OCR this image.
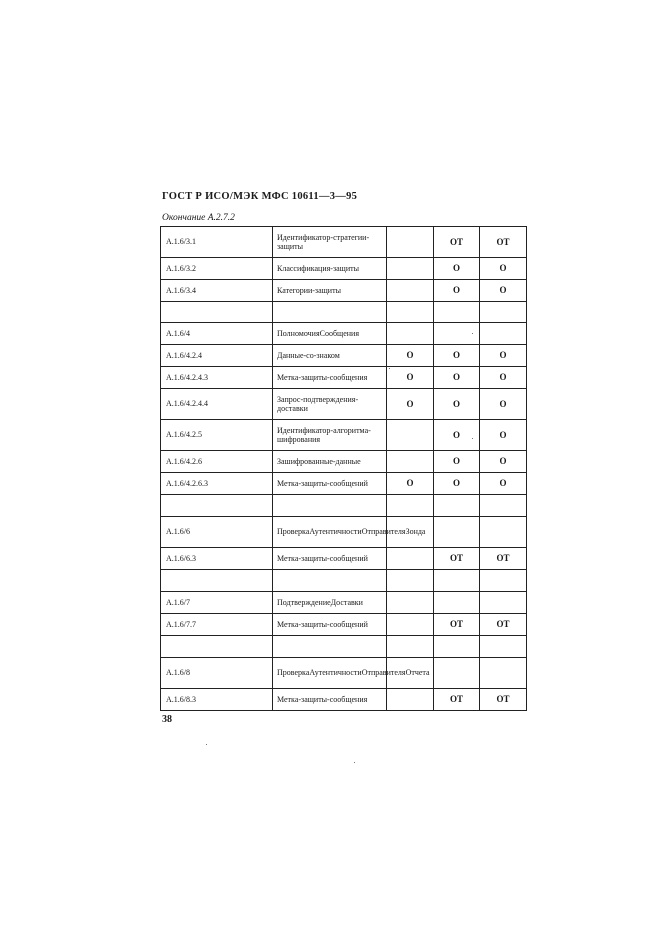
ГОСТ Р ИСО/МЭК МФС 10611—3—95
Окончание А.2.7.2
A.1.6/3.1	Идентификатор-стратегии-защиты		ОТ	ОТ
A.1.6/3.2	Классификация-защиты		О	О
A.1.6/3.4	Категории-защиты		О	О

A.1.6/4	ПолномочияСообщения			
A.1.6/4.2.4	Данные-со-знаком	О	О	О
A.1.6/4.2.4.3	Метка-защиты-сообщения	О	О	О
A.1.6/4.2.4.4	Запрос-подтверждения-доставки	О	О	О
A.1.6/4.2.5	Идентификатор-алгоритма-шифрования		О	О
A.1.6/4.2.6	Зашифрованные-данные		О	О
A.1.6/4.2.6.3	Метка-защиты-сообщений	О	О	О

A.1.6/6	ПроверкаАутентичностиОтправителяЗонда			
A.1.6/6.3	Метка-защиты-сообщений		ОТ	ОТ

A.1.6/7	ПодтверждениеДоставки			
A.1.6/7.7	Метка-защиты-сообщений		ОТ	ОТ

A.1.6/8	ПроверкаАутентичностиОтправителяОтчета			
A.1.6/8.3	Метка-защиты-сообщения		ОТ	ОТ
38
